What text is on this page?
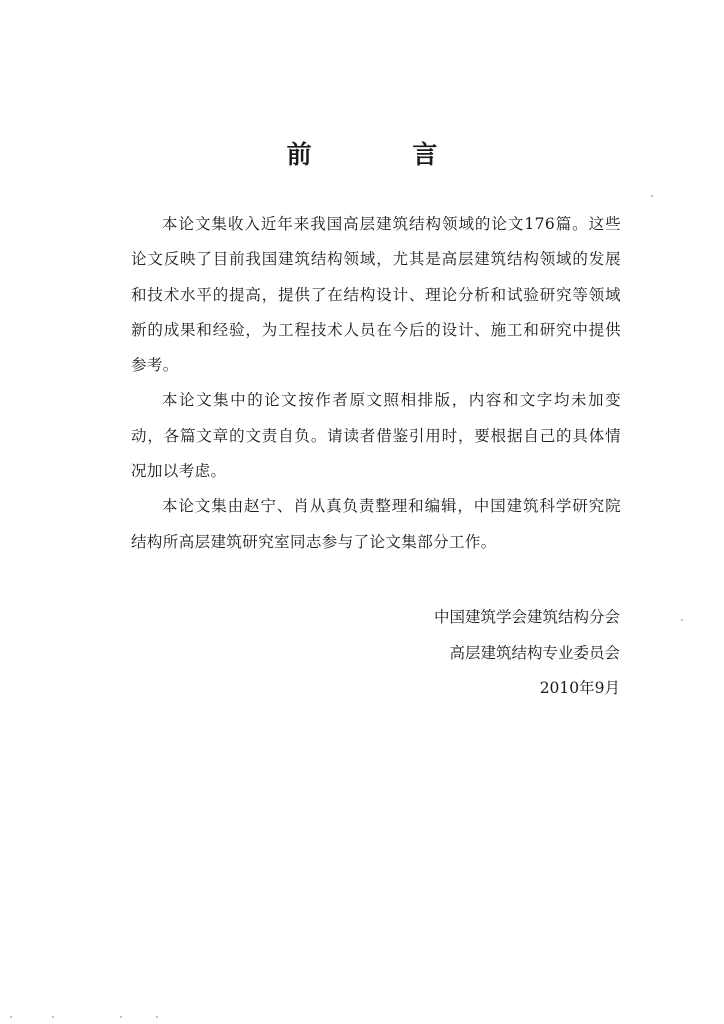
前 言

本论文集收入近年来我国高层建筑结构领域的论文176篇。这些论文反映了目前我国建筑结构领域，尤其是高层建筑结构领域的发展和技术水平的提高，提供了在结构设计、理论分析和试验研究等领域新的成果和经验，为工程技术人员在今后的设计、施工和研究中提供参考。

本论文集中的论文按作者原文照相排版，内容和文字均未加变动，各篇文章的文责自负。请读者借鉴引用时，要根据自己的具体情况加以考虑。

本论文集由赵宁、肖从真负责整理和编辑，中国建筑科学研究院结构所高层建筑研究室同志参与了论文集部分工作。

中国建筑学会建筑结构分会
高层建筑结构专业委员会
2010年9月
